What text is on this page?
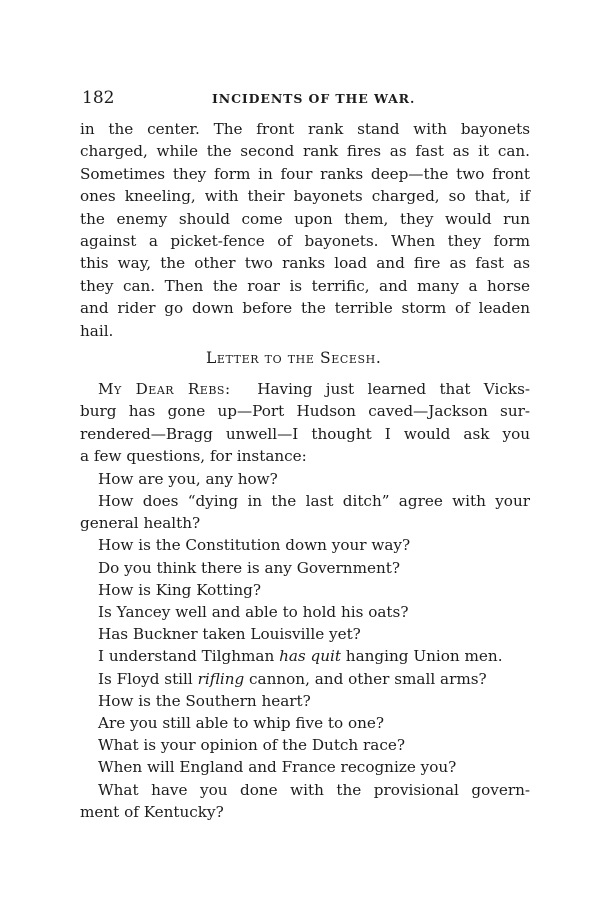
182	INCIDENTS OF THE WAR.
in the center. The front rank stand with bayonets
charged, while the second rank fires as fast as it can.
Sometimes they form in four ranks deep—the two front
ones kneeling, with their bayonets charged, so that, if
the enemy should come upon them, they would run
against a picket-fence of bayonets. When they form
this way, the other two ranks load and fire as fast as
they can. Then the roar is terrific, and many a horse
and rider go down before the terrible storm of leaden
hail.
Letter to the Secesh.
My Dear Rebs: Having just learned that Vicks-
burg has gone up—Port Hudson caved—Jackson sur-
rendered—Bragg unwell—I thought I would ask you
a few questions, for instance:
How are you, any how?
How does “dying in the last ditch” agree with your
general health?
How is the Constitution down your way?
Do you think there is any Government?
How is King Kotting?
Is Yancey well and able to hold his oats?
Has Buckner taken Louisville yet?
I understand Tilghman has quit hanging Union men.
Is Floyd still rifling cannon, and other small arms?
How is the Southern heart?
Are you still able to whip five to one?
What is your opinion of the Dutch race?
When will England and France recognize you?
What have you done with the provisional govern-
ment of Kentucky?
